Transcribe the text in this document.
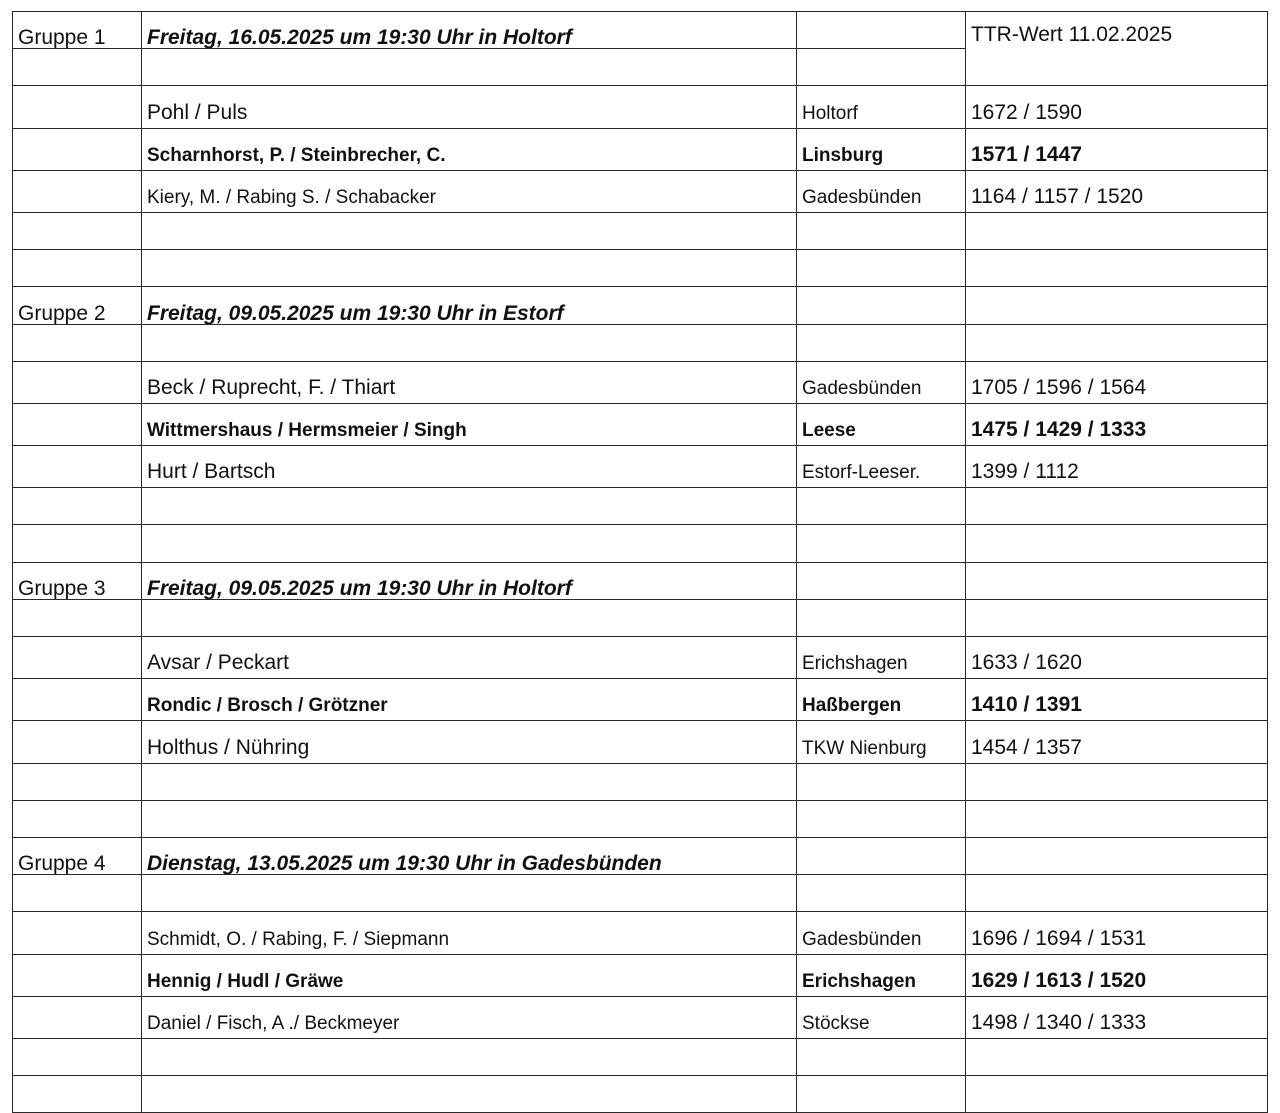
Gruppe 1	Freitag, 16.05.2025 um 19:30 Uhr in Holtorf		TTR-Wert 11.02.2025

	Pohl / Puls	Holtorf	1672 / 1590
	Scharnhorst, P. / Steinbrecher, C.	Linsburg	1571 / 1447
	Kiery, M. / Rabing S. / Schabacker	Gadesbünden	1164 / 1157 / 1520

Gruppe 2	Freitag, 09.05.2025 um 19:30 Uhr in Estorf		

	Beck / Ruprecht, F. / Thiart	Gadesbünden	1705 / 1596 / 1564
	Wittmershaus / Hermsmeier / Singh	Leese	1475 / 1429 / 1333
	Hurt / Bartsch	Estorf-Leeser.	1399 / 1112

Gruppe 3	Freitag, 09.05.2025 um 19:30 Uhr in Holtorf		

	Avsar / Peckart	Erichshagen	1633 / 1620
	Rondic / Brosch / Grötzner	Haßbergen	1410 / 1391
	Holthus / Nühring	TKW Nienburg	1454 / 1357

Gruppe 4	Dienstag, 13.05.2025 um 19:30 Uhr in Gadesbünden		

	Schmidt, O. / Rabing, F. / Siepmann	Gadesbünden	1696 / 1694 / 1531
	Hennig / Hudl / Gräwe	Erichshagen	1629 / 1613 / 1520
	Daniel / Fisch, A ./ Beckmeyer	Stöckse	1498 / 1340 / 1333
